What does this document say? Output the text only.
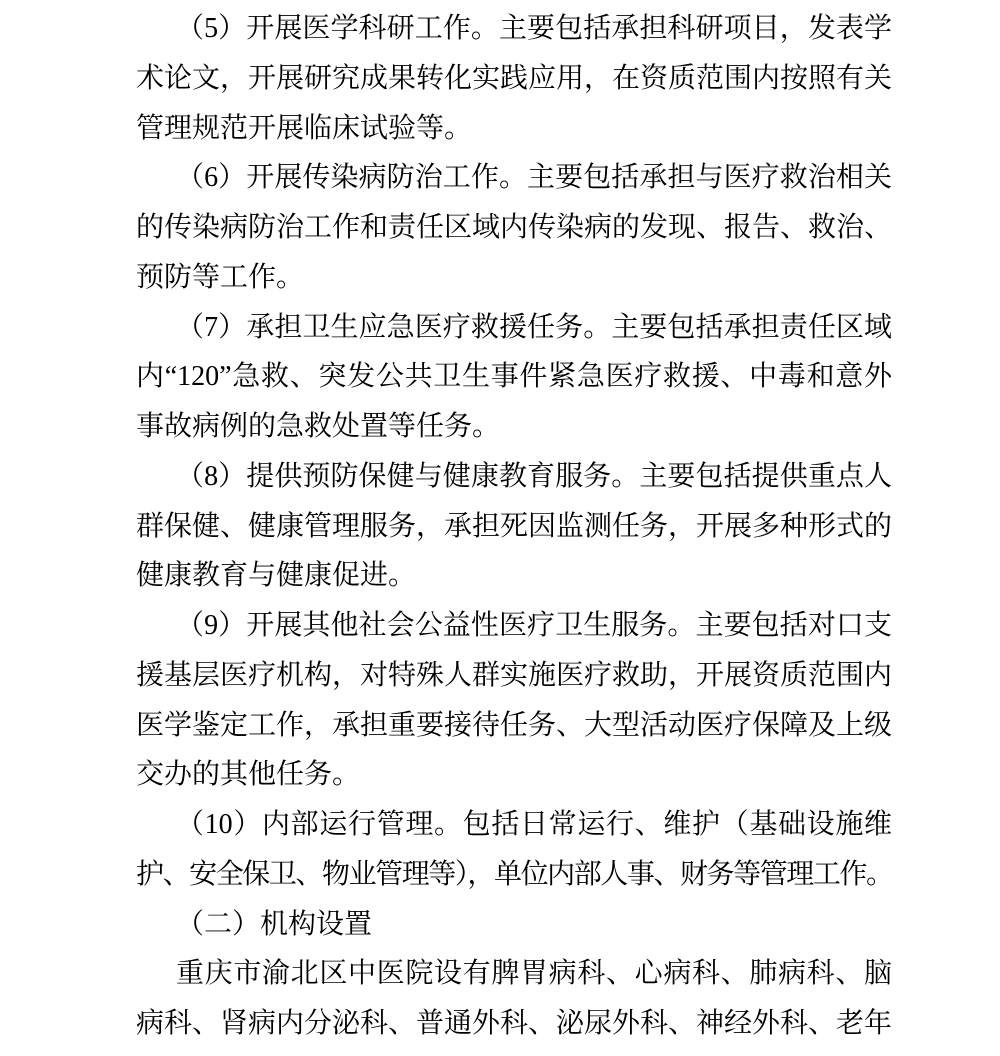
（5）开展医学科研工作。主要包括承担科研项目，发表学
术论文，开展研究成果转化实践应用，在资质范围内按照有关
管理规范开展临床试验等。
（6）开展传染病防治工作。主要包括承担与医疗救治相关
的传染病防治工作和责任区域内传染病的发现、报告、救治、
预防等工作。
（7）承担卫生应急医疗救援任务。主要包括承担责任区域
内“120”急救、突发公共卫生事件紧急医疗救援、中毒和意外
事故病例的急救处置等任务。
（8）提供预防保健与健康教育服务。主要包括提供重点人
群保健、健康管理服务，承担死因监测任务，开展多种形式的
健康教育与健康促进。
（9）开展其他社会公益性医疗卫生服务。主要包括对口支
援基层医疗机构，对特殊人群实施医疗救助，开展资质范围内
医学鉴定工作，承担重要接待任务、大型活动医疗保障及上级
交办的其他任务。
（10）内部运行管理。包括日常运行、维护（基础设施维
护、安全保卫、物业管理等），单位内部人事、财务等管理工作。
（二）机构设置
重庆市渝北区中医院设有脾胃病科、心病科、肺病科、脑
病科、肾病内分泌科、普通外科、泌尿外科、神经外科、老年
